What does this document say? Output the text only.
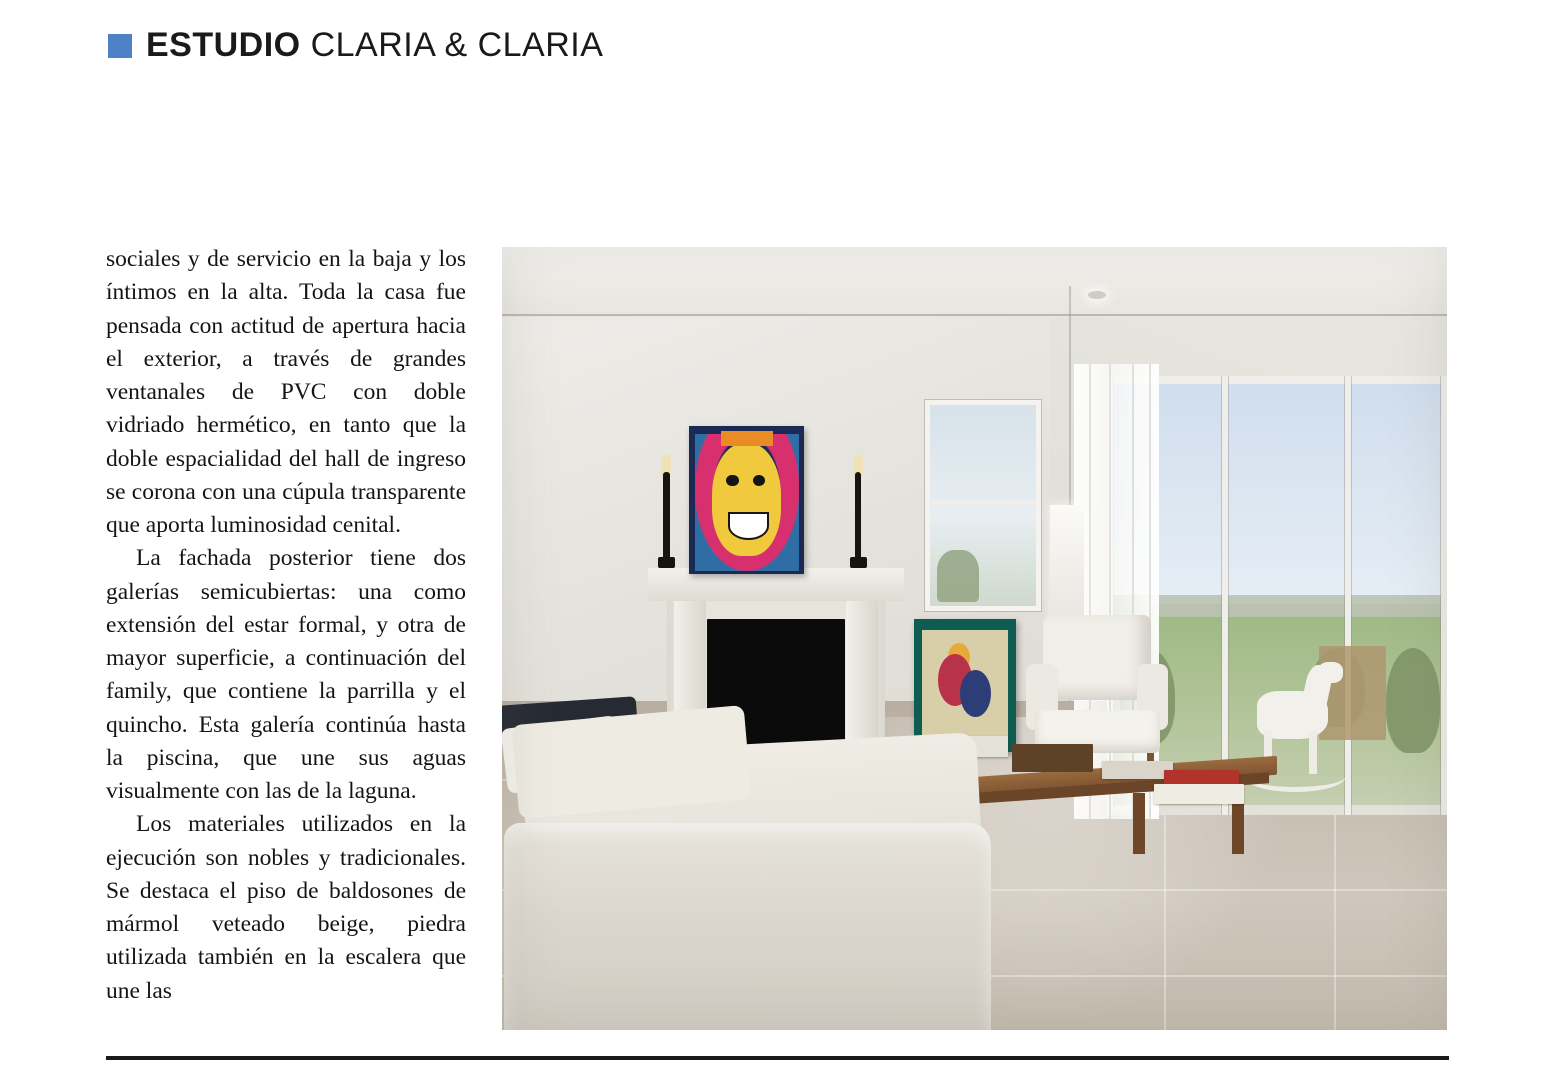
ESTUDIO CLARIA & CLARIA

sociales y de servicio en la baja y los íntimos en la alta. Toda la casa fue pensada con actitud de apertura hacia el exterior, a través de grandes ventanales de PVC con doble vidriado hermético, en tanto que la doble espacialidad del hall de ingreso se corona con una cúpula transparente que aporta luminosidad cenital.

La fachada posterior tiene dos galerías semicubiertas: una como extensión del estar formal, y otra de mayor superficie, a continuación del family, que contiene la parrilla y el quincho. Esta galería continúa hasta la piscina, que une sus aguas visualmente con las de la laguna.

Los materiales utilizados en la ejecución son nobles y tradicionales. Se destaca el piso de baldosones de mármol veteado beige, piedra utilizada también en la escalera que une las
